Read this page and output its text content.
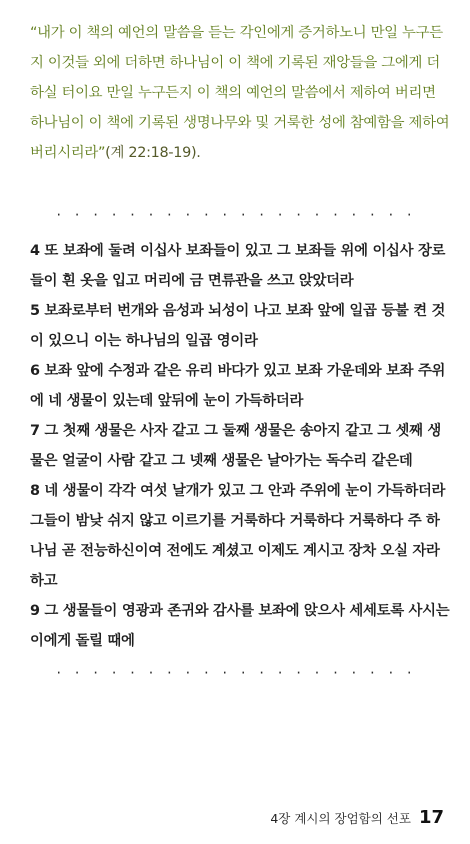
“내가 이 책의 예언의 말씀을 듣는 각인에게 증거하노니 만일 누구든지 이것들 외에 더하면 하나님이 이 책에 기록된 재앙들을 그에게 더하실 터이요 만일 누구든지 이 책의 예언의 말씀에서 제하여 버리면 하나님이 이 책에 기록된 생명나무와 및 거룩한 성에 참예함을 제하여 버리시리라”(계 22:18-19).

· · · · · · · · · · · · · · · · · · · ·

4 또 보좌에 둘려 이십사 보좌들이 있고 그 보좌들 위에 이십사 장로들이 흰 옷을 입고 머리에 금 면류관을 쓰고 앉았더라

5 보좌로부터 번개와 음성과 뇌성이 나고 보좌 앞에 일곱 등불 켠 것이 있으니 이는 하나님의 일곱 영이라

6 보좌 앞에 수정과 같은 유리 바다가 있고 보좌 가운데와 보좌 주위에 네 생물이 있는데 앞뒤에 눈이 가득하더라

7 그 첫째 생물은 사자 같고 그 둘째 생물은 송아지 같고 그 셋째 생물은 얼굴이 사람 같고 그 넷째 생물은 날아가는 독수리 같은데

8 네 생물이 각각 여섯 날개가 있고 그 안과 주위에 눈이 가득하더라 그들이 밤낮 쉬지 않고 이르기를 거룩하다 거룩하다 거룩하다 주 하나님 곧 전능하신이여 전에도 계셨고 이제도 계시고 장차 오실 자라 하고

9 그 생물들이 영광과 존귀와 감사를 보좌에 앉으사 세세토록 사시는 이에게 돌릴 때에

· · · · · · · · · · · · · · · · · · · ·
4장 계시의 장엄함의 선포 17
